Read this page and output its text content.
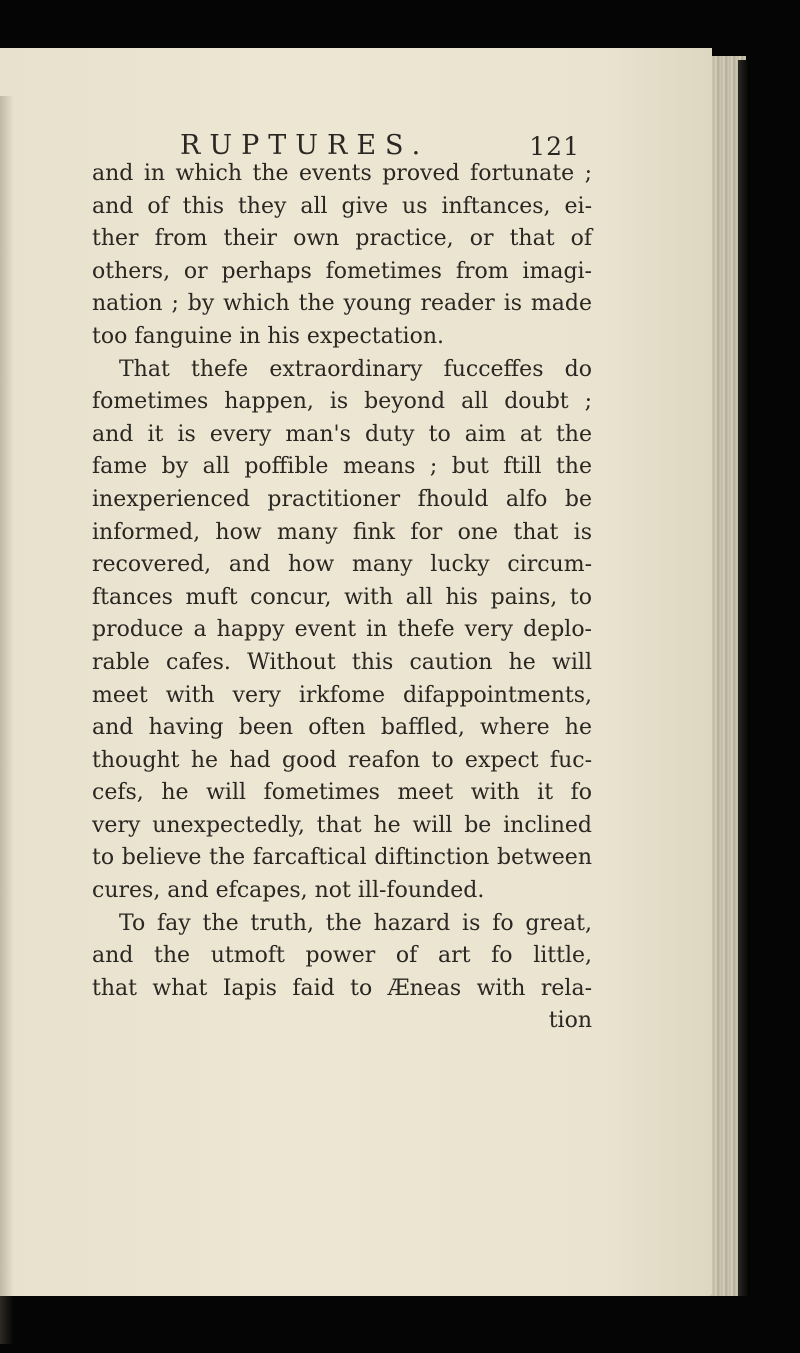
RUPTURES.	121
and in which the events proved fortunate ;
and of this they all give us inftances, ei-
ther from their own practice, or that of
others, or perhaps fometimes from imagi-
nation ; by which the young reader is made
too fanguine in his expectation.
That thefe extraordinary fucceffes do
fometimes happen, is beyond all doubt ;
and it is every man's duty to aim at the
fame by all poffible means ; but ftill the
inexperienced practitioner fhould alfo be
informed, how many fink for one that is
recovered, and how many lucky circum-
ftances muft concur, with all his pains, to
produce a happy event in thefe very deplo-
rable cafes. Without this caution he will
meet with very irkfome difappointments,
and having been often baffled, where he
thought he had good reafon to expect fuc-
cefs, he will fometimes meet with it fo
very unexpectedly, that he will be inclined
to believe the farcaftical diftinction between
cures, and efcapes, not ill-founded.
To fay the truth, the hazard is fo great,
and the utmoft power of art fo little,
that what Iapis faid to Æneas with rela-
tion
